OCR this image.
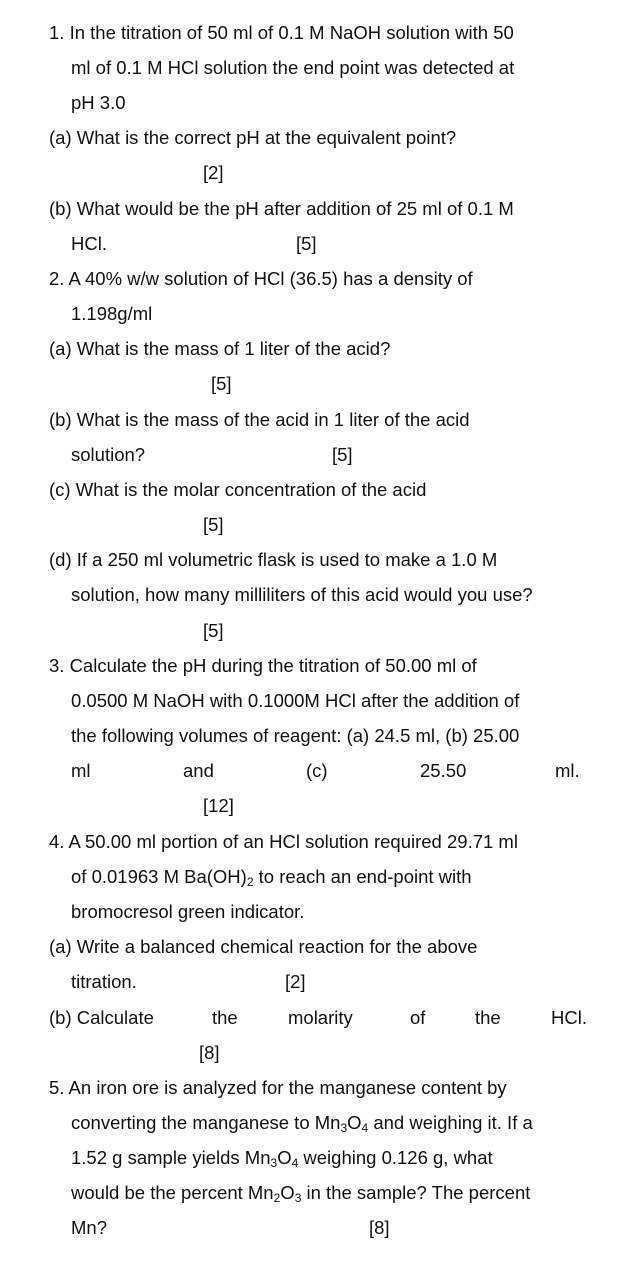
1. In the titration of 50 ml of 0.1 M NaOH solution with 50
ml of 0.1 M HCl solution the end point was detected at
pH 3.0
(a) What is the correct pH at the equivalent point?
[2]
(b) What would be the pH after addition of 25 ml of 0.1 M
HCl.	[5]
2. A 40% w/w solution of HCl (36.5) has a density of
1.198g/ml
(a) What is the mass of 1 liter of the acid?
[5]
(b) What is the mass of the acid in 1 liter of the acid
solution?	[5]
(c) What is the molar concentration of the acid
[5]
(d) If a 250 ml volumetric flask is used to make a 1.0 M
solution, how many milliliters of this acid would you use?
[5]
3. Calculate the pH during the titration of 50.00 ml of
0.0500 M NaOH with 0.1000M HCl after the addition of
the following volumes of reagent: (a) 24.5 ml, (b) 25.00
ml	and	(c)	25.50	ml.
[12]
4. A 50.00 ml portion of an HCl solution required 29.71 ml
of 0.01963 M $Ba(OH)_2$ to reach an end-point with
bromocresol green indicator.
(a) Write a balanced chemical reaction for the above
titration.	[2]
(b) Calculate	the	molarity	of	the	HCl.
[8]
5. An iron ore is analyzed for the manganese content by
converting the manganese to $Mn_3O_4$ and weighing it. If a
1.52 g sample yields $Mn_3O_4$ weighing 0.126 g, what
would be the percent $Mn_2O_3$ in the sample? The percent
Mn?	[8]
